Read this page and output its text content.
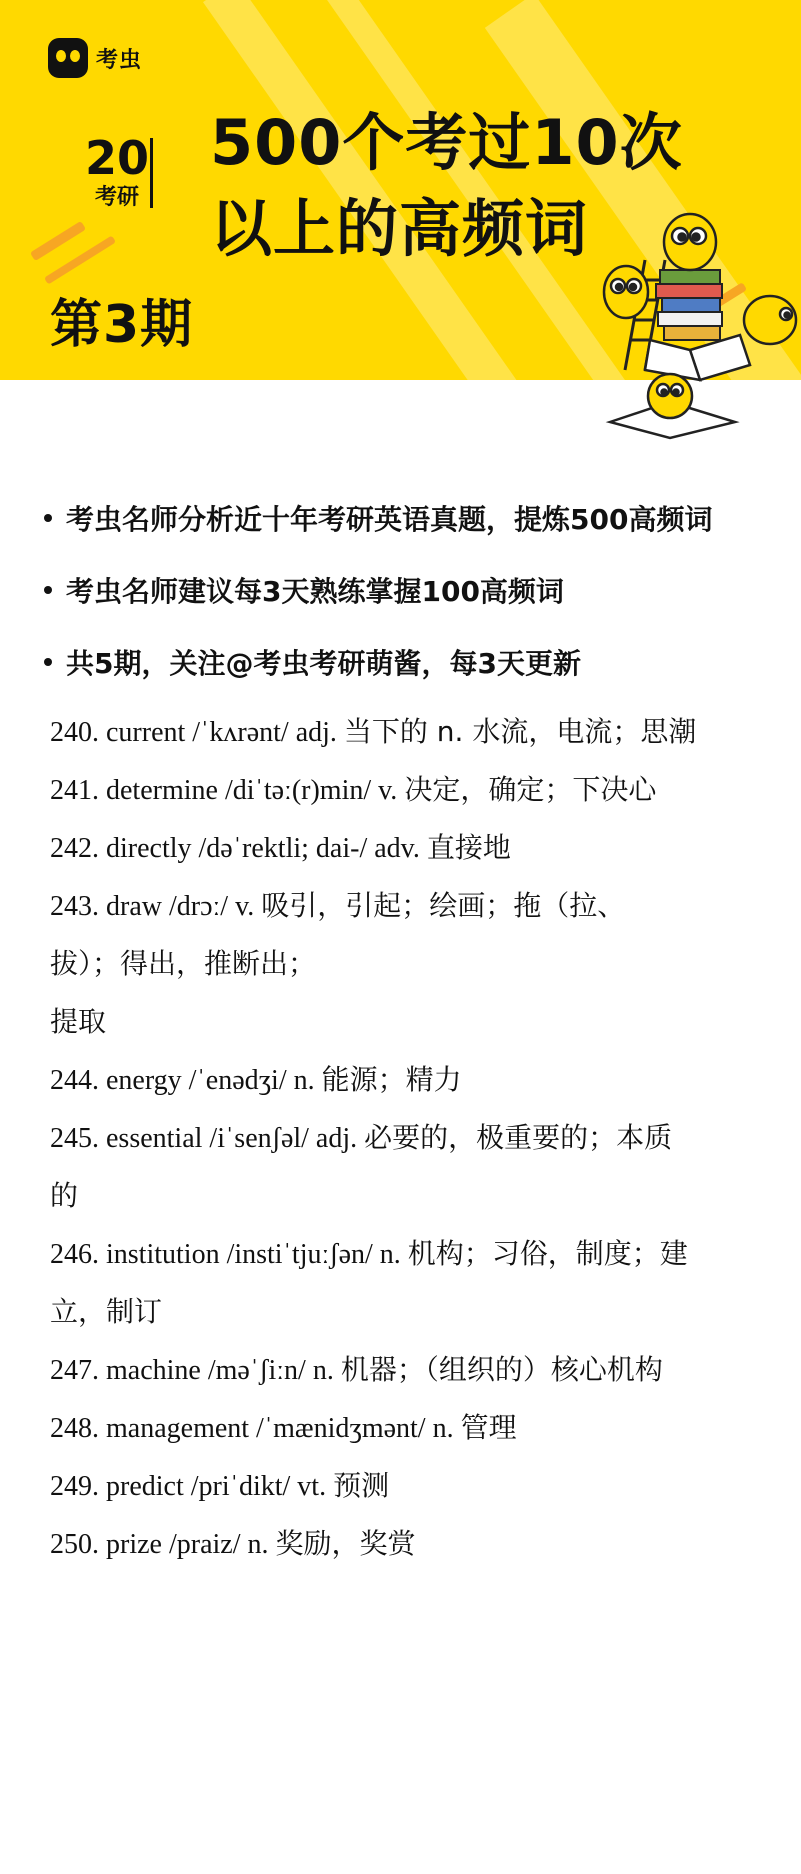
考虫
20
考研
500个考过10次
以上的高频词
第3期
考虫名师分析近十年考研英语真题，提炼500高频词
考虫名师建议每3天熟练掌握100高频词
共5期，关注@考虫考研萌酱，每3天更新
240. current /ˈkʌrənt/ adj. 当下的 n. 水流，电流；思潮
241. determine /diˈtəː(r)min/ v. 决定，确定；下决心
242. directly /dəˈrektli; dai-/ adv. 直接地
243. draw /drɔː/ v. 吸引，引起；绘画；拖（拉、
拔）；得出，推断出；
提取
244. energy /ˈenədʒi/ n. 能源；精力
245. essential /iˈsenʃəl/ adj. 必要的，极重要的；本质
的
246. institution /instiˈtjuːʃən/ n. 机构；习俗，制度；建
立，制订
247. machine /məˈʃiːn/ n. 机器；（组织的）核心机构
248. management /ˈmænidʒmənt/ n. 管理
249. predict /priˈdikt/ vt. 预测
250. prize /praiz/ n. 奖励，奖赏
